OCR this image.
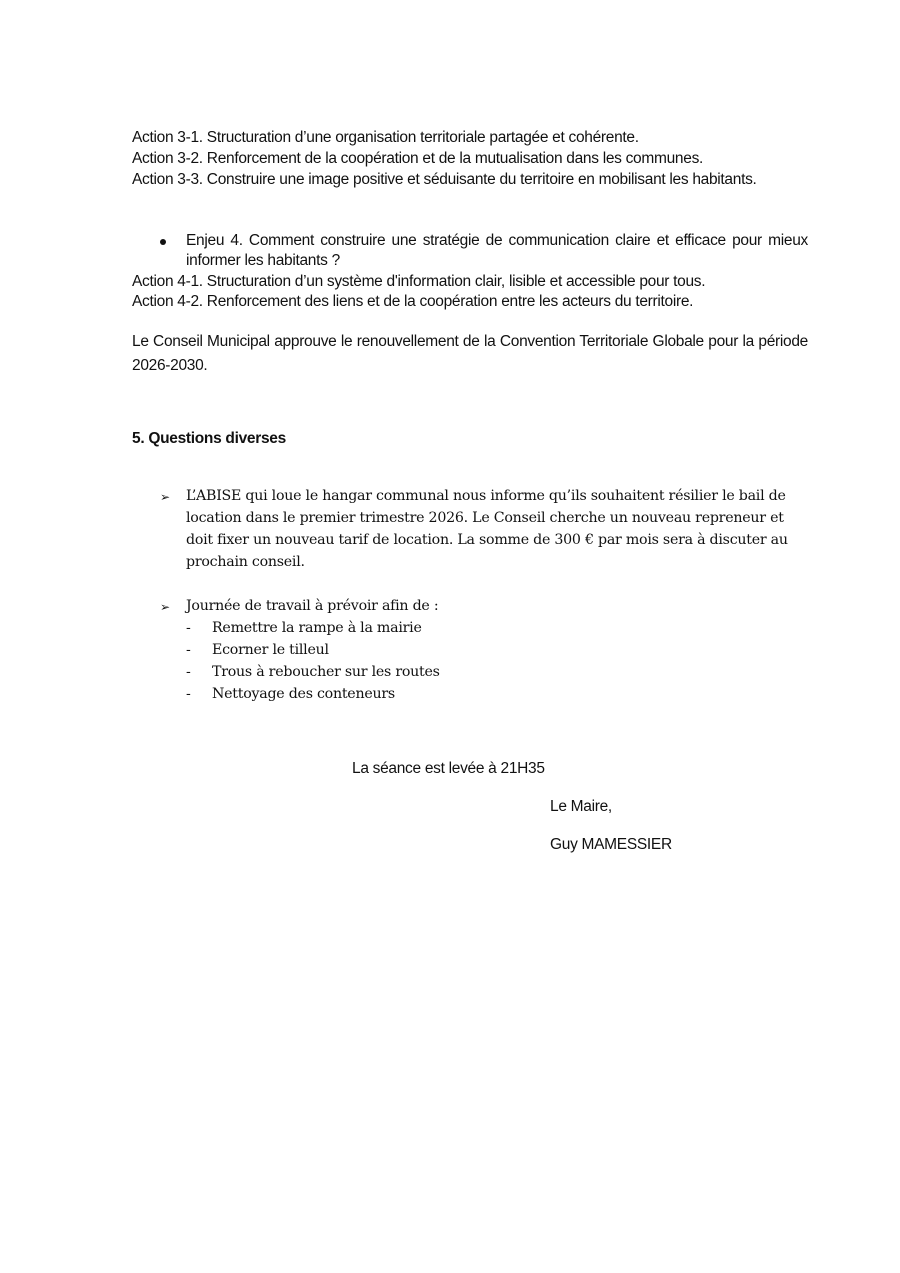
Action 3-1. Structuration d’une organisation territoriale partagée et cohérente.
Action 3-2. Renforcement de la coopération et de la mutualisation dans les communes.
Action 3-3. Construire une image positive et séduisante du territoire en mobilisant les habitants.
Enjeu 4. Comment construire une stratégie de communication claire et efficace pour mieux
informer les habitants ?
Action 4-1. Structuration d’un système d'information clair, lisible et accessible pour tous.
Action 4-2. Renforcement des liens et de la coopération entre les acteurs du territoire.
Le Conseil Municipal approuve le renouvellement de la Convention Territoriale Globale pour la période
2026-2030.
5. Questions diverses
➢ L’ABISE qui loue le hangar communal nous informe qu’ils souhaitent résilier le bail de
location dans le premier trimestre 2026. Le Conseil cherche un nouveau repreneur et
doit fixer un nouveau tarif de location. La somme de 300 € par mois sera à discuter au
prochain conseil.
➢ Journée de travail à prévoir afin de :
- Remettre la rampe à la mairie
- Ecorner le tilleul
- Trous à reboucher sur les routes
- Nettoyage des conteneurs
La séance est levée à 21H35
Le Maire,
Guy MAMESSIER
